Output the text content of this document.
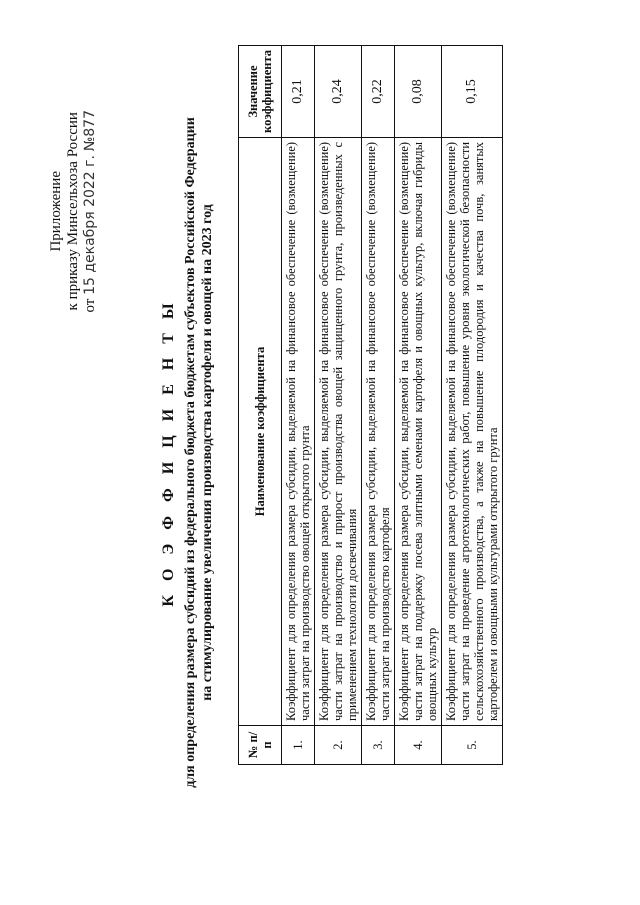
Приложение к приказу Минсельхоза России от 15 декабря 2022 г. №877
К О Э Ф Ф И Ц И Е Н Т Ы для определения размера субсидий из федерального бюджета бюджетам субъектов Российской Федерации на стимулирование увеличения производства картофеля и овощей на 2023 год
№ п/п	Наименование коэффициента	Значение коэффициента
1.	Коэффициент для определения размера субсидии, выделяемой на финансовое обеспечение (возмещение) части затрат на производство овощей открытого грунта	0,21
2.	Коэффициент для определения размера субсидии, выделяемой на финансовое обеспечение (возмещение) части затрат на производство и прирост производства овощей защищенного грунта, произведенных с применением технологии досвечивания	0,24
3.	Коэффициент для определения размера субсидии, выделяемой на финансовое обеспечение (возмещение) части затрат на производство картофеля	0,22
4.	Коэффициент для определения размера субсидии, выделяемой на финансовое обеспечение (возмещение) части затрат на поддержку посева элитными семенами картофеля и овощных культур, включая гибриды овощных культур	0,08
5.	Коэффициент для определения размера субсидии, выделяемой на финансовое обеспечение (возмещение) части затрат на проведение агротехнологических работ, повышение уровня экологической безопасности сельскохозяйственного производства, а также на повышение плодородия и качества почв, занятых картофелем и овощными культурами открытого грунта	0,15
